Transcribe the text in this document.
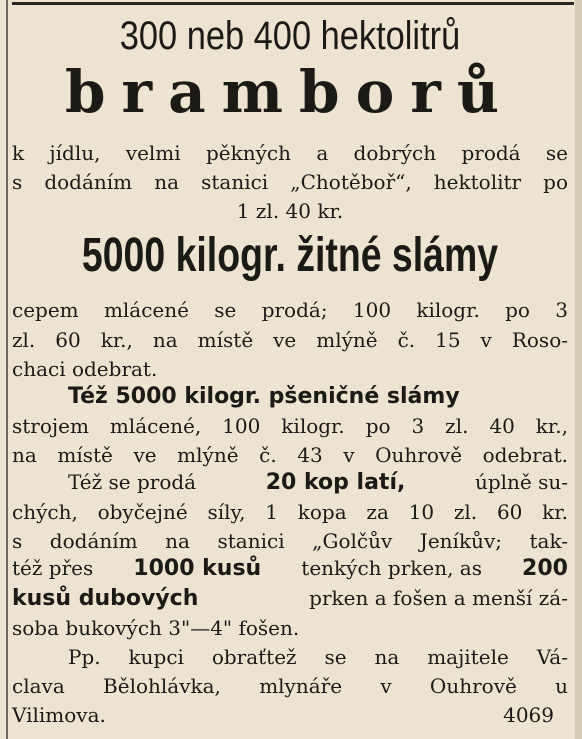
300 neb 400 hektolitrů
bramborů
k jídlu, velmi pěkných a dobrých prodá se
s dodáním na stanici „Chotěboř“, hektolitr po
1 zl. 40 kr.
5000 kilogr. žitné slámy
cepem mlácené se prodá; 100 kilogr. po 3
zl. 60 kr., na místě ve mlýně č. 15 v Roso-
chaci odebrat.
Též 5000 kilogr. pšeničné slámy
strojem mlácené, 100 kilogr. po 3 zl. 40 kr.,
na místě ve mlýně č. 43 v Ouhrově odebrat.
Též se prodá	20 kop latí,	úplně su-
chých, obyčejné síly, 1 kopa za 10 zl. 60 kr.
s dodáním na stanici „Golčův Jeníkův; tak-
též přes 1000 kusů tenkých prken, as 200
kusů dubových	prken a fošen a menší zá-
soba bukových 3"—4" fošen.
Pp. kupci obraťtež se na majitele Vá-
clava Bělohlávka, mlynáře v Ouhrově u
Vilimova.	4069
